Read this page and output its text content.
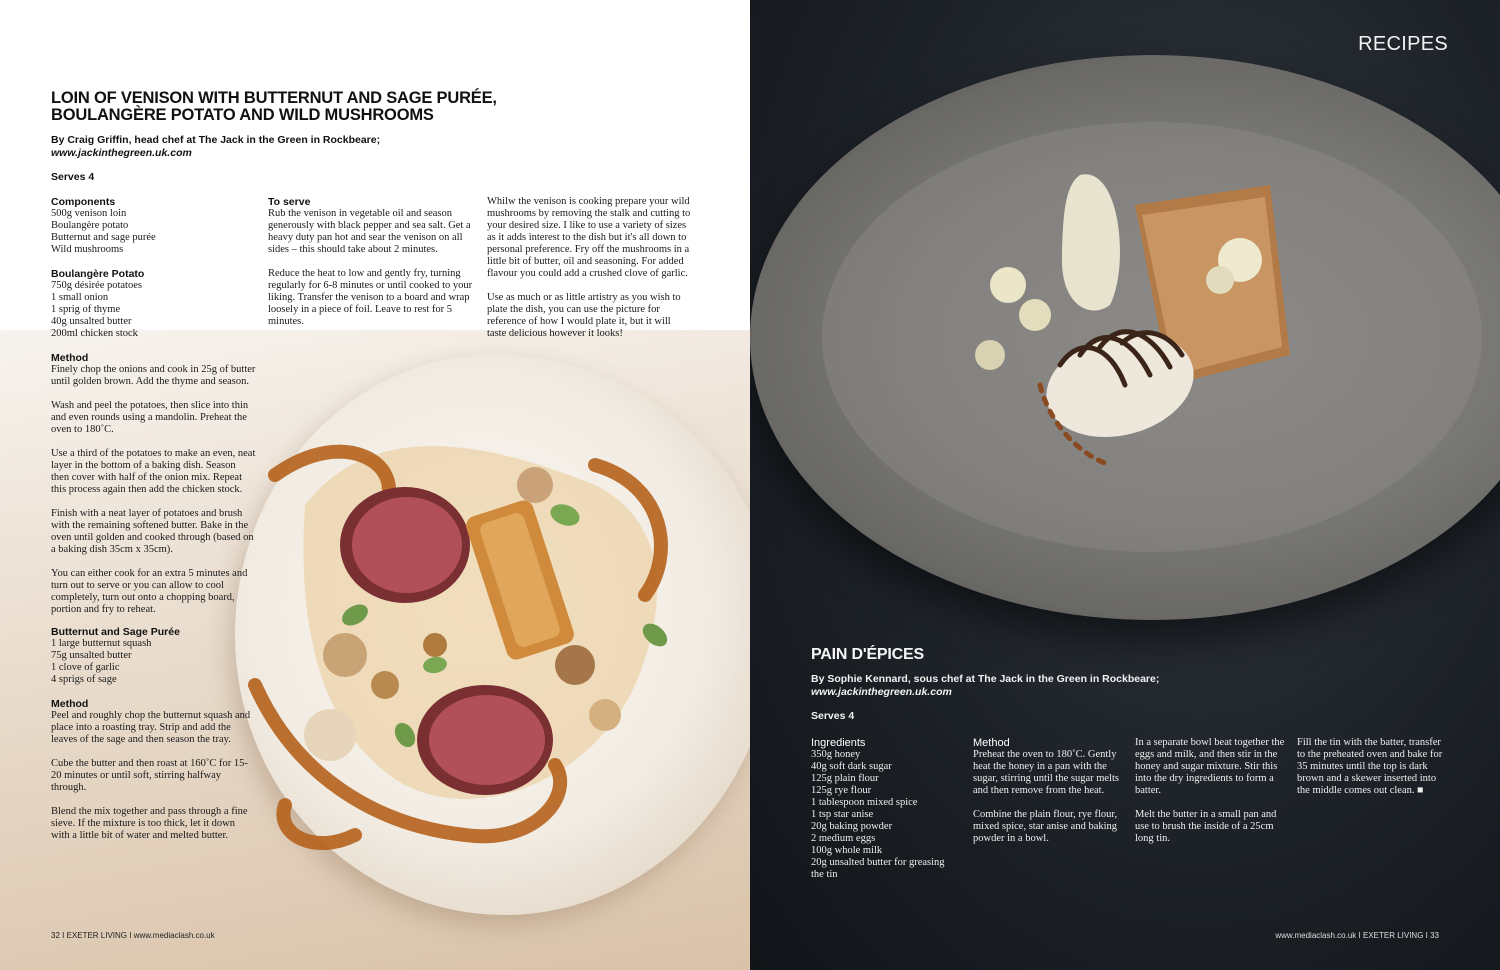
LOIN OF VENISON WITH BUTTERNUT AND SAGE PURÉE,
BOULANGÈRE POTATO AND WILD MUSHROOMS
By Craig Griffin, head chef at The Jack in the Green in Rockbeare;
www.jackinthegreen.uk.com
Serves 4
Components
500g venison loin
Boulangère potato
Butternut and sage purée
Wild mushrooms
Boulangère Potato
750g désirée potatoes
1 small onion
1 sprig of thyme
40g unsalted butter
200ml chicken stock
Method

Finely chop the onions and cook in 25g of butter until golden brown. Add the thyme and season.

Wash and peel the potatoes, then slice into thin and even rounds using a mandolin. Preheat the oven to 180˚C.

Use a third of the potatoes to make an even, neat layer in the bottom of a baking dish. Season then cover with half of the onion mix. Repeat this process again then add the chicken stock.

Finish with a neat layer of potatoes and brush with the remaining softened butter. Bake in the oven until golden and cooked through (based on a baking dish 35cm x 35cm).

You can either cook for an extra 5 minutes and turn out to serve or you can allow to cool completely, turn out onto a chopping board, portion and fry to reheat.

Butternut and Sage Purée
1 large butternut squash
75g unsalted butter
1 clove of garlic
4 sprigs of sage
Method

Peel and roughly chop the butternut squash and place into a roasting tray. Strip and add the leaves of the sage and then season the tray.

Cube the butter and then roast at 160˚C for 15-20 minutes or until soft, stirring halfway through.

Blend the mix together and pass through a fine sieve. If the mixture is too thick, let it down with a little bit of water and melted butter.

To serve

Rub the venison in vegetable oil and season generously with black pepper and sea salt. Get a heavy duty pan hot and sear the venison on all sides – this should take about 2 minutes.

Reduce the heat to low and gently fry, turning regularly for 6-8 minutes or until cooked to your liking. Transfer the venison to a board and wrap loosely in a piece of foil. Leave to rest for 5 minutes.

Whilw the venison is cooking prepare your wild mushrooms by removing the stalk and cutting to your desired size. I like to use a variety of sizes as it adds interest to the dish but it's all down to personal preference. Fry off the mushrooms in a little bit of butter, oil and seasoning. For added flavour you could add a crushed clove of garlic.

Use as much or as little artistry as you wish to plate the dish, you can use the picture for reference of how I would plate it, but it will taste delicious however it looks!

32 I EXETER LIVING I www.mediaclash.co.uk
RECIPES
PAIN D'ÉPICES
By Sophie Kennard, sous chef at The Jack in the Green in Rockbeare;
www.jackinthegreen.uk.com
Serves 4
Ingredients
350g honey
40g soft dark sugar
125g plain flour
125g rye flour
1 tablespoon mixed spice
1 tsp star anise
20g baking powder
2 medium eggs
100g whole milk
20g unsalted butter for greasing the tin
Method

Preheat the oven to 180˚C. Gently heat the honey in a pan with the sugar, stirring until the sugar melts and then remove from the heat.

Combine the plain flour, rye flour, mixed spice, star anise and baking powder in a bowl.

In a separate bowl beat together the eggs and milk, and then stir in the honey and sugar mixture. Stir this into the dry ingredients to form a batter.

Melt the butter in a small pan and use to brush the inside of a 25cm long tin.

Fill the tin with the batter, transfer to the preheated oven and bake for 35 minutes until the top is dark brown and a skewer inserted into the middle comes out clean. ■

www.mediaclash.co.uk I EXETER LIVING I 33
